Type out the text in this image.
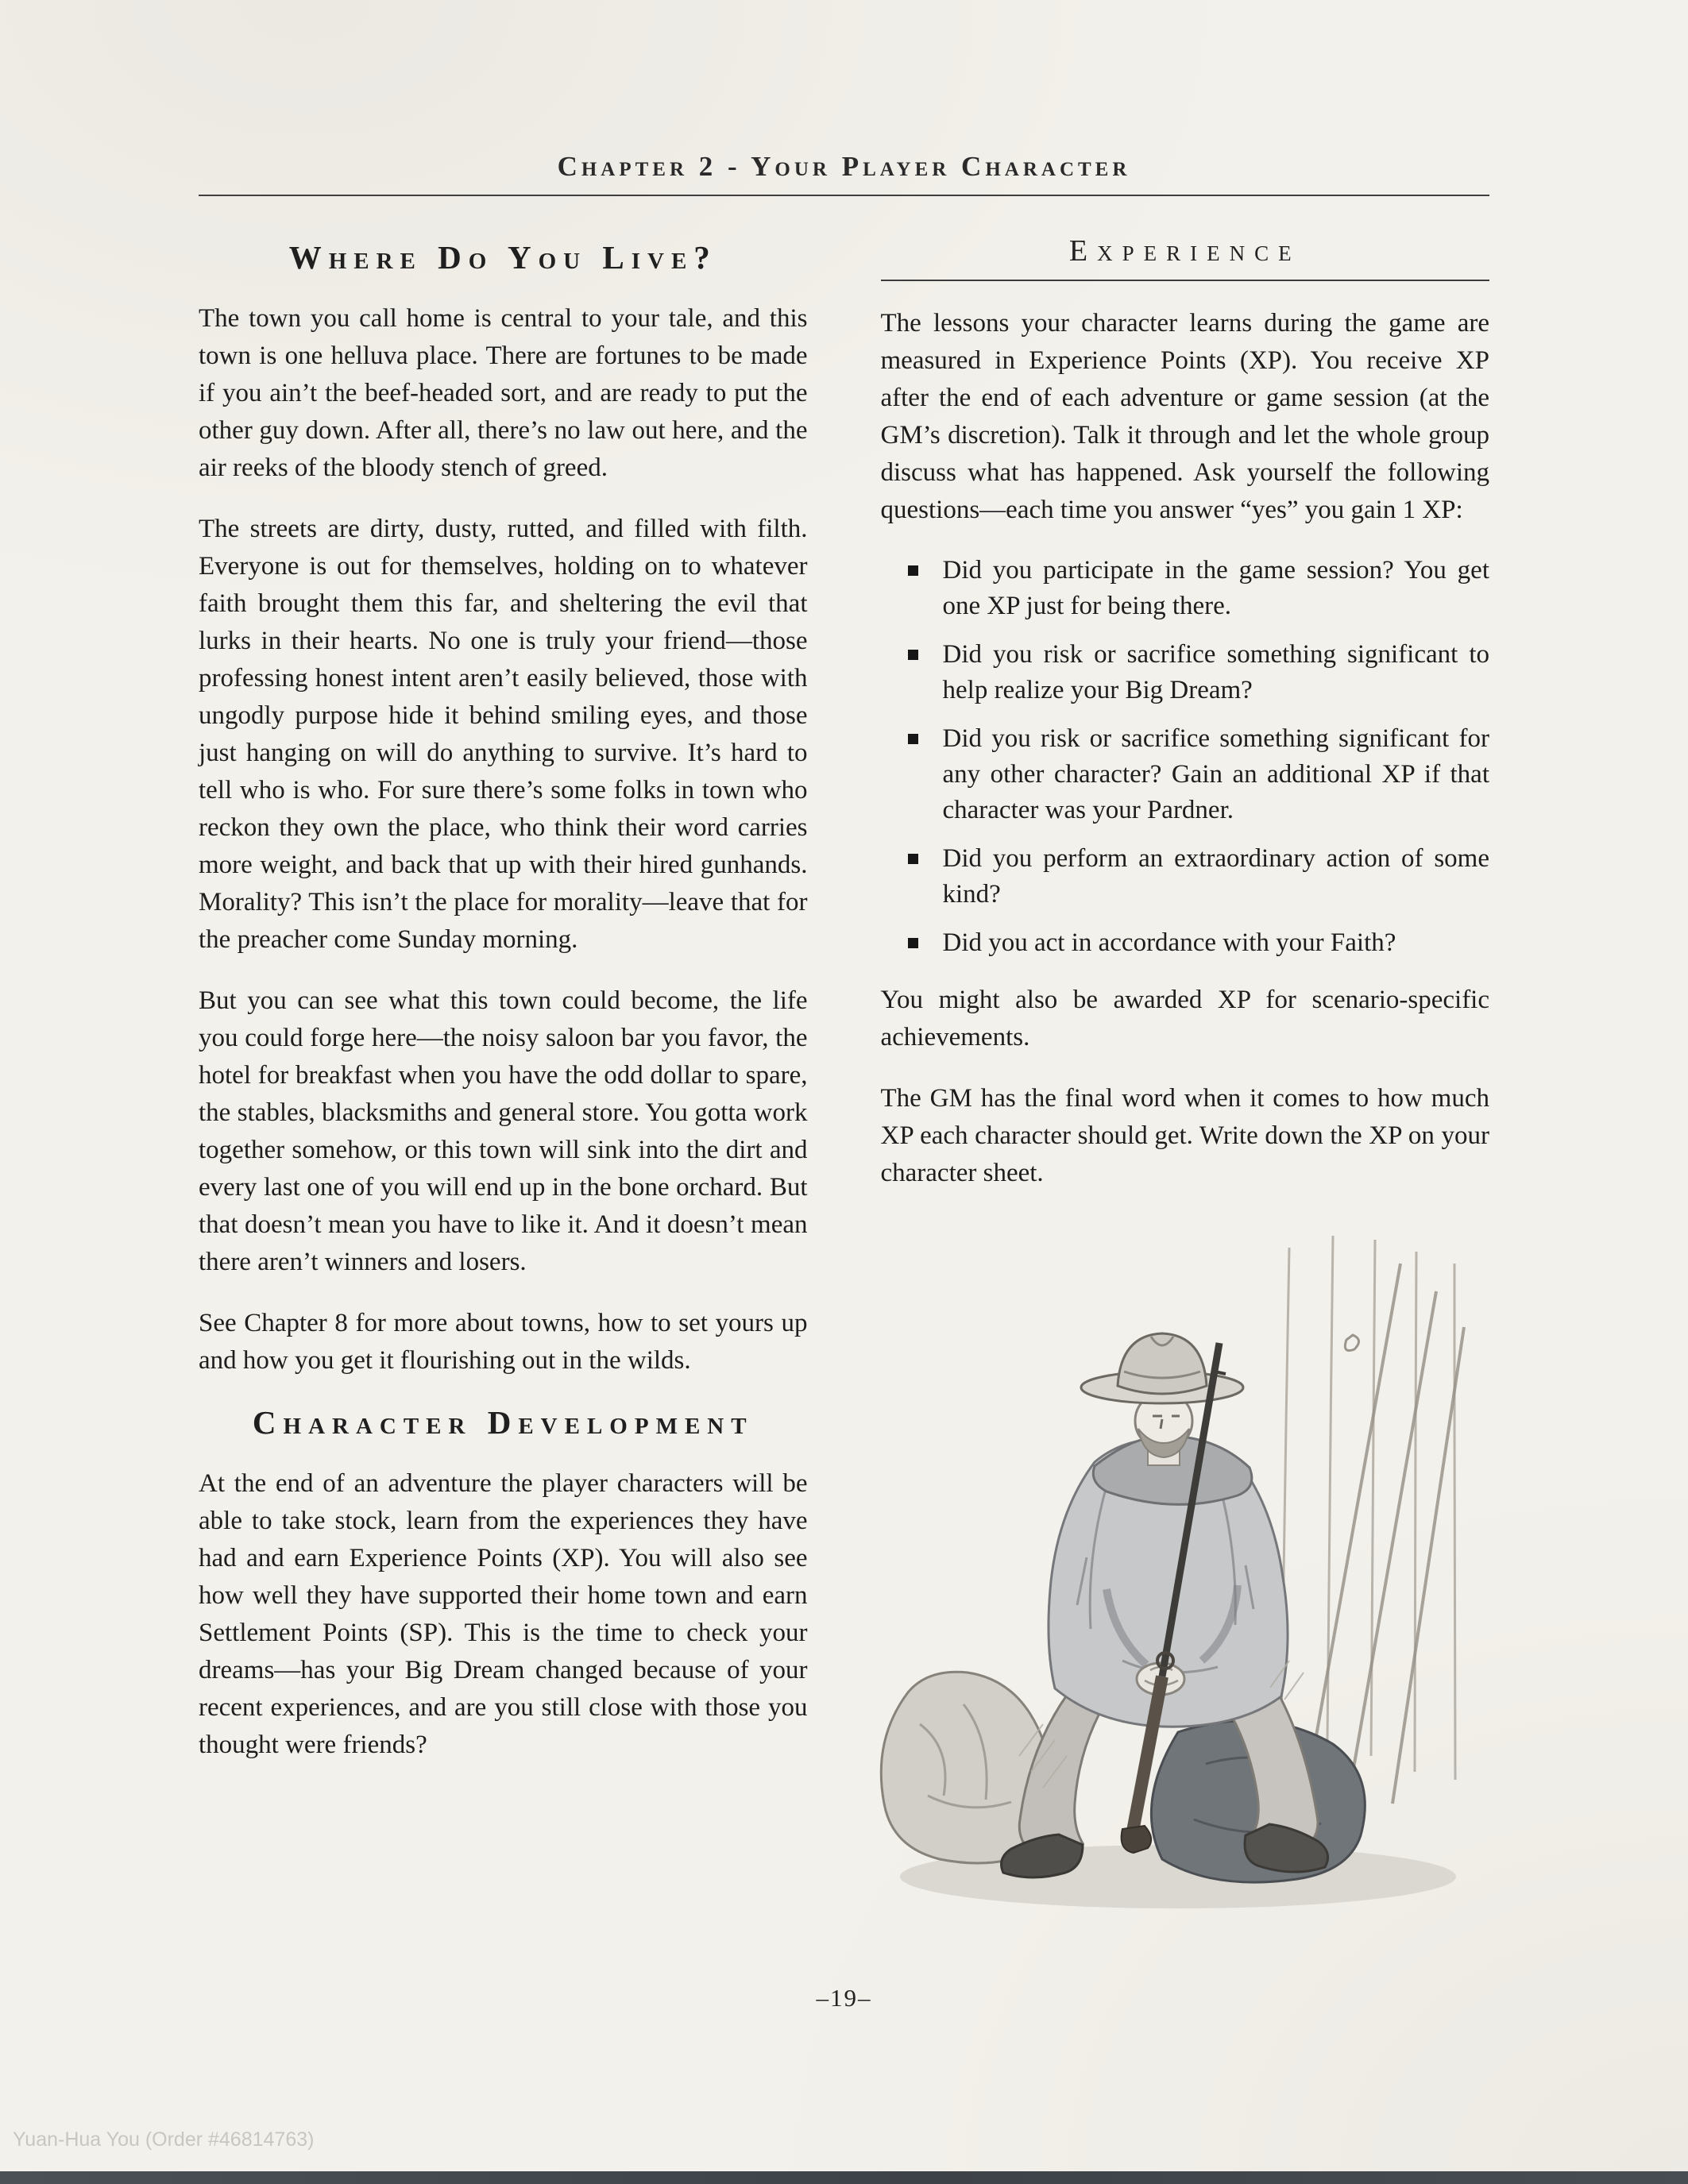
Chapter 2 - Your Player Character
Where Do You Live?

The town you call home is central to your tale, and this town is one helluva place. There are fortunes to be made if you ain’t the beef-headed sort, and are ready to put the other guy down. After all, there’s no law out here, and the air reeks of the bloody stench of greed.

The streets are dirty, dusty, rutted, and filled with filth. Everyone is out for themselves, holding on to whatever faith brought them this far, and sheltering the evil that lurks in their hearts. No one is truly your friend—those professing honest intent aren’t easily believed, those with ungodly purpose hide it behind smiling eyes, and those just hanging on will do anything to survive. It’s hard to tell who is who. For sure there’s some folks in town who reckon they own the place, who think their word carries more weight, and back that up with their hired gunhands. Morality? This isn’t the place for morality—leave that for the preacher come Sunday morning.

But you can see what this town could become, the life you could forge here—the noisy saloon bar you favor, the hotel for breakfast when you have the odd dollar to spare, the stables, blacksmiths and general store. You gotta work together somehow, or this town will sink into the dirt and every last one of you will end up in the bone orchard. But that doesn’t mean you have to like it. And it doesn’t mean there aren’t winners and losers.

See Chapter 8 for more about towns, how to set yours up and how you get it flourishing out in the wilds.

Character Development

At the end of an adventure the player characters will be able to take stock, learn from the experiences they have had and earn Experience Points (XP). You will also see how well they have supported their home town and earn Settlement Points (SP). This is the time to check your dreams—has your Big Dream changed because of your recent experiences, and are you still close with those you thought were friends?

Experience

The lessons your character learns during the game are measured in Experience Points (XP). You receive XP after the end of each adventure or game session (at the GM’s discretion). Talk it through and let the whole group discuss what has happened. Ask yourself the following questions—each time you answer “yes” you gain 1 XP:

Did you participate in the game session? You get one XP just for being there.
Did you risk or sacrifice something significant to help realize your Big Dream?
Did you risk or sacrifice something significant for any other character? Gain an additional XP if that character was your Pardner.
Did you perform an extraordinary action of some kind?
Did you act in accordance with your Faith?

You might also be awarded XP for scenario-specific achievements.

The GM has the final word when it comes to how much XP each character should get. Write down the XP on your character sheet.

–19–
Yuan-Hua You (Order #46814763)
